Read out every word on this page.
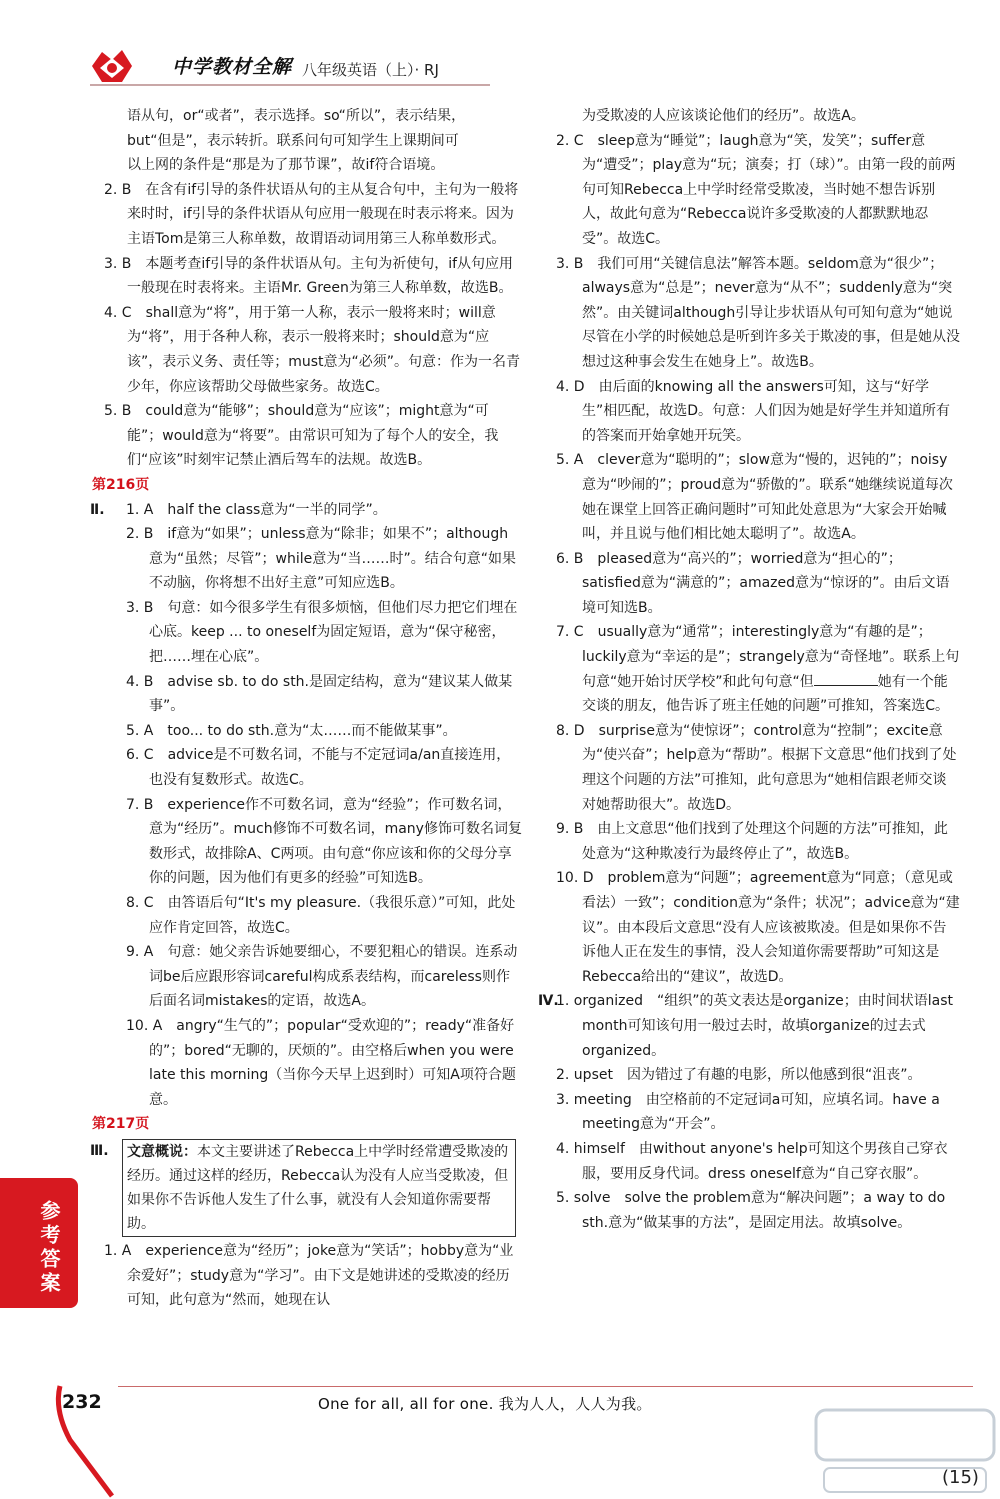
中学教材全解 八年级英语（上）· RJ

语从句，or“或者”，表示选择。so“所以”，表示结果，

but“但是”，表示转折。联系问句可知学生上课期间可

以上网的条件是“那是为了那节课”，故if符合语境。

2. B　在含有if引导的条件状语从句的主从复合句中，主句为一般将来时时，if引导的条件状语从句应用一般现在时表示将来。因为主语Tom是第三人称单数，故谓语动词用第三人称单数形式。

3. B　本题考查if引导的条件状语从句。主句为祈使句，if从句应用一般现在时表将来。主语Mr. Green为第三人称单数，故选B。

4. C　shall意为“将”，用于第一人称，表示一般将来时；will意为“将”，用于各种人称，表示一般将来时；should意为“应该”，表示义务、责任等；must意为“必须”。句意：作为一名青少年，你应该帮助父母做些家务。故选C。

5. B　could意为“能够”；should意为“应该”；might意为“可能”；would意为“将要”。由常识可知为了每个人的安全，我们“应该”时刻牢记禁止酒后驾车的法规。故选B。

第216页

Ⅱ.	1. A　half the class意为“一半的同学”。

2. B　if意为“如果”；unless意为“除非；如果不”；although意为“虽然；尽管”；while意为“当……时”。结合句意“如果不动脑，你将想不出好主意”可知应选B。

3. B　句意：如今很多学生有很多烦恼，但他们尽力把它们埋在心底。keep ... to oneself为固定短语，意为“保守秘密，把……埋在心底”。

4. B　advise sb. to do sth.是固定结构，意为“建议某人做某事”。

5. A　too... to do sth.意为“太……而不能做某事”。

6. C　advice是不可数名词，不能与不定冠词a/an直接连用，也没有复数形式。故选C。

7. B　experience作不可数名词，意为“经验”；作可数名词，意为“经历”。much修饰不可数名词，many修饰可数名词复数形式，故排除A、C两项。由句意“你应该和你的父母分享你的问题，因为他们有更多的经验”可知选B。

8. C　由答语后句“It's my pleasure.（我很乐意）”可知，此处应作肯定回答，故选C。

9. A　句意：她父亲告诉她要细心，不要犯粗心的错误。连系动词be后应跟形容词careful构成系表结构，而careless则作后面名词mistakes的定语，故选A。

10. A　angry“生气的”；popular“受欢迎的”；ready“准备好的”；bored“无聊的，厌烦的”。由空格后when you were late this morning（当你今天早上迟到时）可知A项符合题意。

第217页

Ⅲ.	文意概说：本文主要讲述了Rebecca上中学时经常遭受欺凌的经历。通过这样的经历，Rebecca认为没有人应当受欺凌，但如果你不告诉他人发生了什么事，就没有人会知道你需要帮助。

1. A　experience意为“经历”；joke意为“笑话”；hobby意为“业余爱好”；study意为“学习”。由下文是她讲述的受欺凌的经历可知，此句意为“然而，她现在认

为受欺凌的人应该谈论他们的经历”。故选A。

2. C　sleep意为“睡觉”；laugh意为“笑，发笑”；suffer意为“遭受”；play意为“玩；演奏；打（球）”。由第一段的前两句可知Rebecca上中学时经常受欺凌，当时她不想告诉别人，故此句意为“Rebecca说许多受欺凌的人都默默地忍受”。故选C。

3. B　我们可用“关键信息法”解答本题。seldom意为“很少”；always意为“总是”；never意为“从不”；suddenly意为“突然”。由关键词although引导让步状语从句可知句意为“她说尽管在小学的时候她总是听到许多关于欺凌的事，但是她从没想过这种事会发生在她身上”。故选B。

4. D　由后面的knowing all the answers可知，这与“好学生”相匹配，故选D。句意：人们因为她是好学生并知道所有的答案而开始拿她开玩笑。

5. A　clever意为“聪明的”；slow意为“慢的，迟钝的”；noisy意为“吵闹的”；proud意为“骄傲的”。联系“她继续说道每次她在课堂上回答正确问题时”可知此处意思为“大家会开始喊叫，并且说与他们相比她太聪明了”。故选A。

6. B　pleased意为“高兴的”；worried意为“担心的”；satisfied意为“满意的”；amazed意为“惊讶的”。由后文语境可知选B。

7. C　usually意为“通常”；interestingly意为“有趣的是”；luckily意为“幸运的是”；strangely意为“奇怪地”。联系上句句意“她开始讨厌学校”和此句句意“但	她有一个能交谈的朋友，他告诉了班主任她的问题”可推知，答案选C。

8. D　surprise意为“使惊讶”；control意为“控制”；excite意为“使兴奋”；help意为“帮助”。根据下文意思“他们找到了处理这个问题的方法”可推知，此句意思为“她相信跟老师交谈对她帮助很大”。故选D。

9. B　由上文意思“他们找到了处理这个问题的方法”可推知，此处意为“这种欺凌行为最终停止了”，故选B。

10. D　problem意为“问题”；agreement意为“同意；（意见或看法）一致”；condition意为“条件；状况”；advice意为“建议”。由本段后文意思“没有人应该被欺凌。但是如果你不告诉他人正在发生的事情，没人会知道你需要帮助”可知这是Rebecca给出的“建议”，故选D。

Ⅳ.

1. organized　“组织”的英文表达是organize；由时间状语last month可知该句用一般过去时，故填organize的过去式organized。

2. upset　因为错过了有趣的电影，所以他感到很“沮丧”。

3. meeting　由空格前的不定冠词a可知，应填名词。have a meeting意为“开会”。

4. himself　由without anyone's help可知这个男孩自己穿衣服，要用反身代词。dress oneself意为“自己穿衣服”。

5. solve　solve the problem意为“解决问题”；a way to do sth.意为“做某事的方法”，是固定用法。故填solve。

参考答案
232	One for all, all for one. 我为人人，人人为我。
(15)
